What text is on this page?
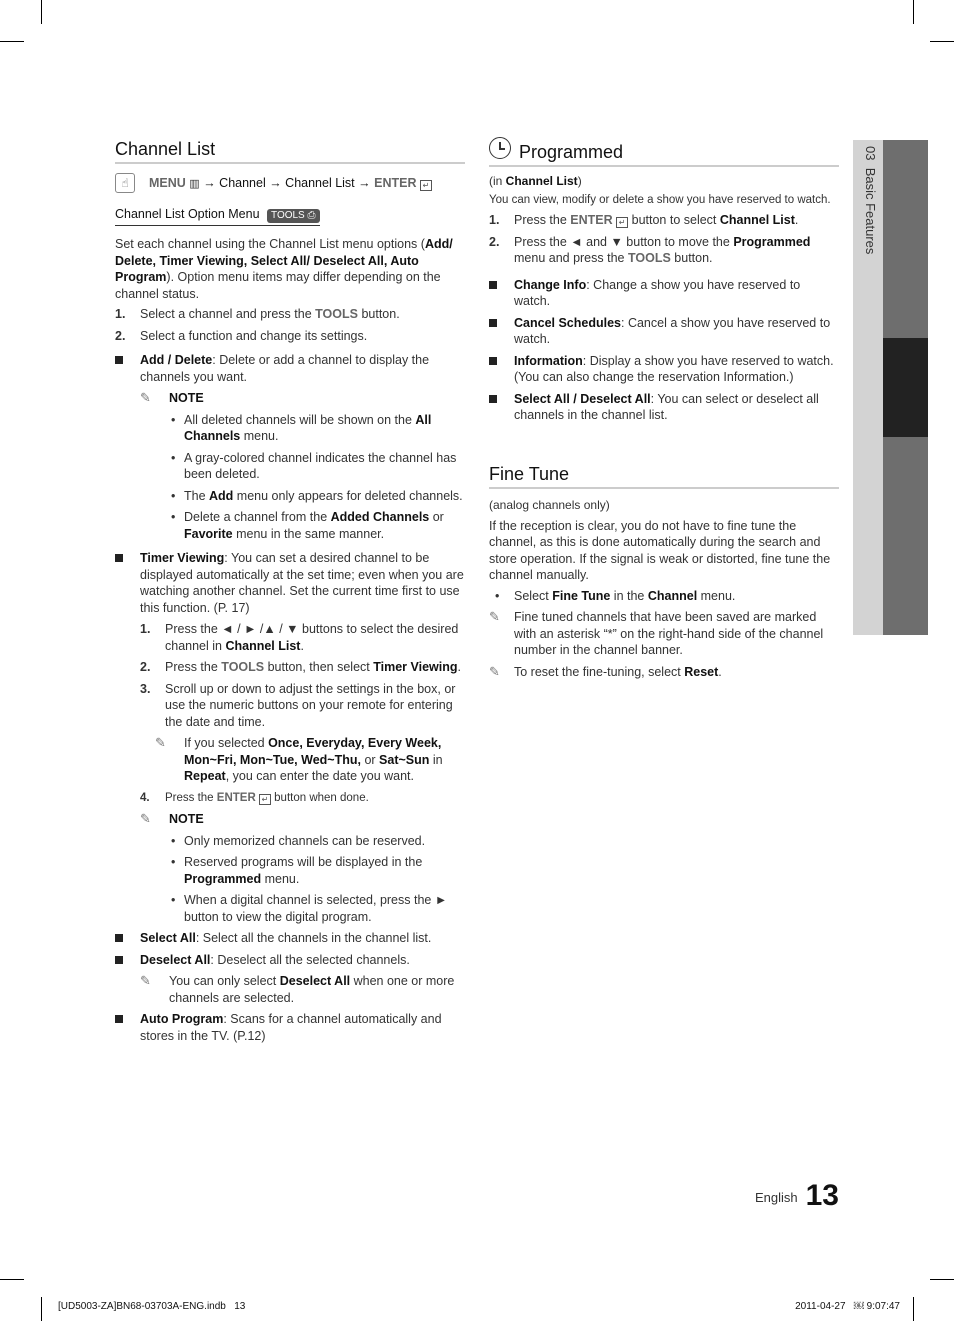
03  Basic Features
Channel List
☝	MENU ▥ → Channel → Channel List → ENTER ↵
Channel List Option Menu TOOLS ⎙

Set each channel using the Channel List menu options (Add/ Delete, Timer Viewing, Select All/ Deselect All, Auto Program). Option menu items may differ depending on the channel status.

1. Select a channel and press the TOOLS button.
2. Select a function and change its settings.
Add / Delete: Delete or add a channel to display the channels you want.
✎ NOTE
• All deleted channels will be shown on the All Channels menu.
• A gray-colored channel indicates the channel has been deleted.
• The Add menu only appears for deleted channels.
• Delete a channel from the Added Channels or Favorite menu in the same manner.
Timer Viewing: You can set a desired channel to be displayed automatically at the set time; even when you are watching another channel. Set the current time first to use this function. (P. 17)
1. Press the ◄ / ► /▲ / ▼ buttons to select the desired channel in Channel List.
2. Press the TOOLS button, then select Timer Viewing.
3. Scroll up or down to adjust the settings in the box, or use the numeric buttons on your remote for entering the date and time.
✎ If you selected Once, Everyday, Every Week, Mon~Fri, Mon~Tue, Wed~Thu, or Sat~Sun in Repeat, you can enter the date you want.
4. Press the ENTER ↵ button when done.
✎ NOTE
• Only memorized channels can be reserved.
• Reserved programs will be displayed in the Programmed menu.
• When a digital channel is selected, press the ► button to view the digital program.
Select All: Select all the channels in the channel list.
Deselect All: Deselect all the selected channels.
✎ You can only select Deselect All when one or more channels are selected.
Auto Program: Scans for a channel automatically and stores in the TV. (P.12)
Programmed

(in Channel List)

You can view, modify or delete a show you have reserved to watch.

1. Press the ENTER ↵ button to select Channel List.
2. Press the ◄ and ▼ button to move the Programmed menu and press the TOOLS button.
Change Info: Change a show you have reserved to watch.
Cancel Schedules: Cancel a show you have reserved to watch.
Information: Display a show you have reserved to watch. (You can also change the reservation Information.)
Select All / Deselect All: You can select or deselect all channels in the channel list.
Fine Tune

(analog channels only)

If the reception is clear, you do not have to fine tune the channel, as this is done automatically during the search and store operation. If the signal is weak or distorted, fine tune the channel manually.

• Select Fine Tune in the Channel menu.
✎ Fine tuned channels that have been saved are marked with an asterisk “*” on the right-hand side of the channel number in the channel banner.
✎ To reset the fine-tuning, select Reset.
English 13
[UD5003-ZA]BN68-03703A-ENG.indb   13	2011-04-27   ￼ 9:07:47
